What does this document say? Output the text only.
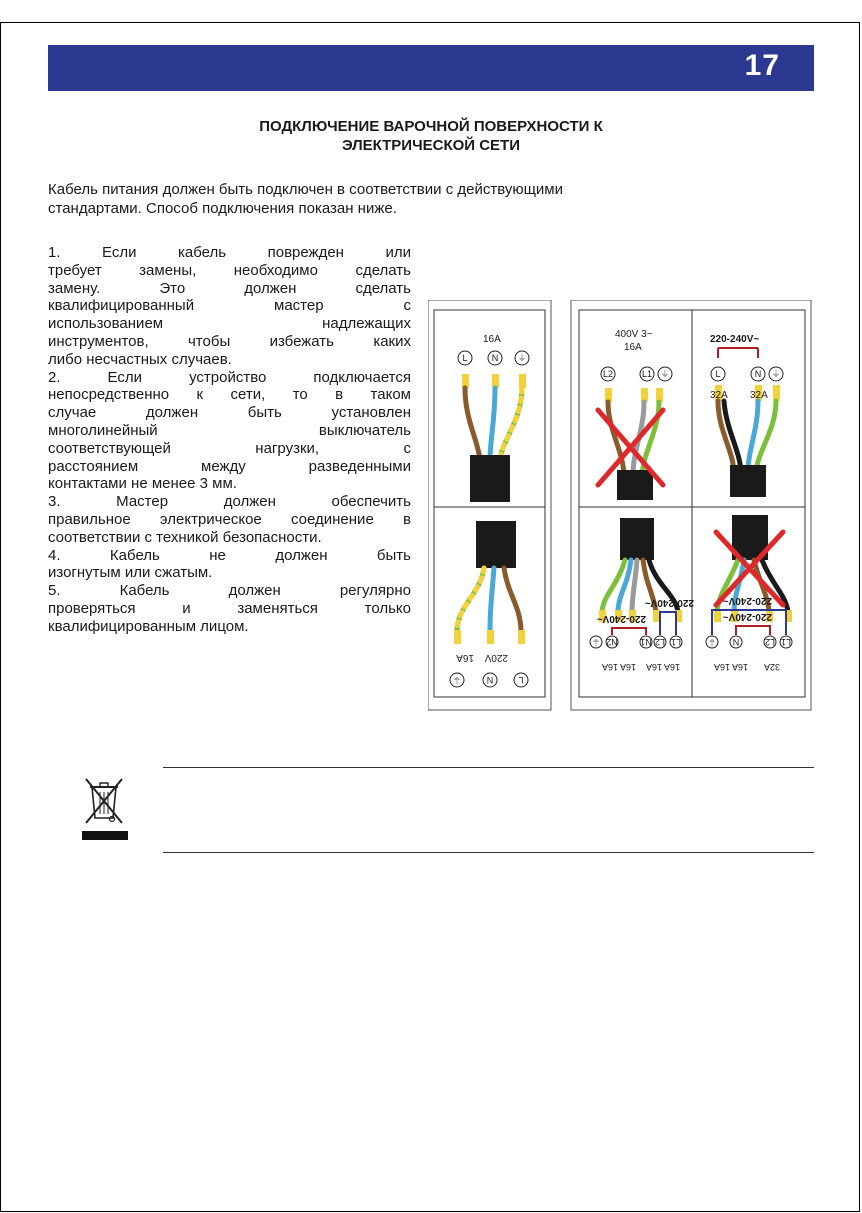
17
ПОДКЛЮЧЕНИЕ ВАРОЧНОЙ ПОВЕРХНОСТИ К
ЭЛЕКТРИЧЕСКОЙ СЕТИ
Кабель питания должен быть подключен в соответствии с действующими
стандартами. Способ подключения показан ниже.

1. Если кабель поврежден или

требует замены, необходимо сделать

замену. Это должен сделать

квалифицированный мастер с

использованием надлежащих

инструментов, чтобы избежать каких

либо несчастных случаев.

2. Если устройство подключается

непосредственно к сети, то в таком

случае должен быть установлен

многолинейный выключатель

соответствующей нагрузки, с

расстоянием между разведенными

контактами не менее 3 мм.

3. Мастер должен обеспечить

правильное электрическое соединение в

соответствии с техникой безопасности.

4. Кабель не должен быть

изогнутым или сжатым.

5. Кабель должен регулярно

проверяться и заменяться только

квалифицированным лицом.

16A
L	N ⏚
L
N
⏚
220V
16A
400V 3~
16A
L2	L1 ⏚
220-240V~
L	N ⏚
32A 32A
16A
16A
16A
16A
L1
L2
N1
N2
⏚
220-240V~
220-240V~
32A
16A
16A
L1
L2
N
⏚
220-240V~
220-240V~
